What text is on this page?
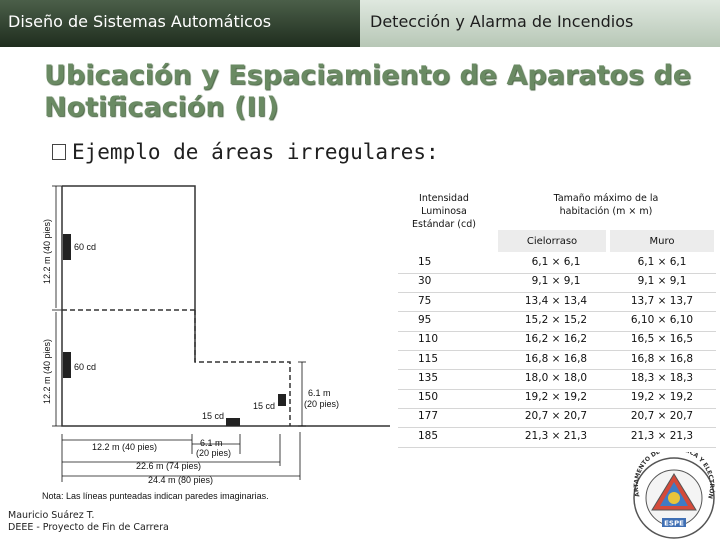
Diseño de Sistemas Automáticos	Detección y Alarma de Incendios
Ubicación y Espaciamiento de Aparatos de
Notificación (II)
Ejemplo de áreas irregulares:
12.2 m (40 pies)
12.2 m (40 pies)
60 cd
60 cd
15 cd
15 cd
6.1 m
(20 pies)
12.2 m (40 pies)	6.1 m
(20 pies)
22.6 m (74 pies)
24.4 m (80 pies)
Nota: Las líneas punteadas indican paredes imaginarias.
Intensidad
Luminosa
Estándar (cd)
Tamaño máximo de la
habitación (m × m)
Cielorraso	Muro
15	6,1 × 6,1	6,1 × 6,1
30	9,1 × 9,1	9,1 × 9,1
75	13,4 × 13,4	13,7 × 13,7
95	15,2 × 15,2	6,10 × 6,10
110	16,2 × 16,2	16,5 × 16,5
115	16,8 × 16,8	16,8 × 16,8
135	18,0 × 18,0	18,3 × 18,3
150	19,2 × 19,2	19,2 × 19,2
177	20,7 × 20,7	20,7 × 20,7
185	21,3 × 21,3	21,3 × 21,3
Mauricio Suárez T.
DEEE - Proyecto de Fin de Carrera
ARTAMENTO DE CA Y ELECTRÓN
ESPE
